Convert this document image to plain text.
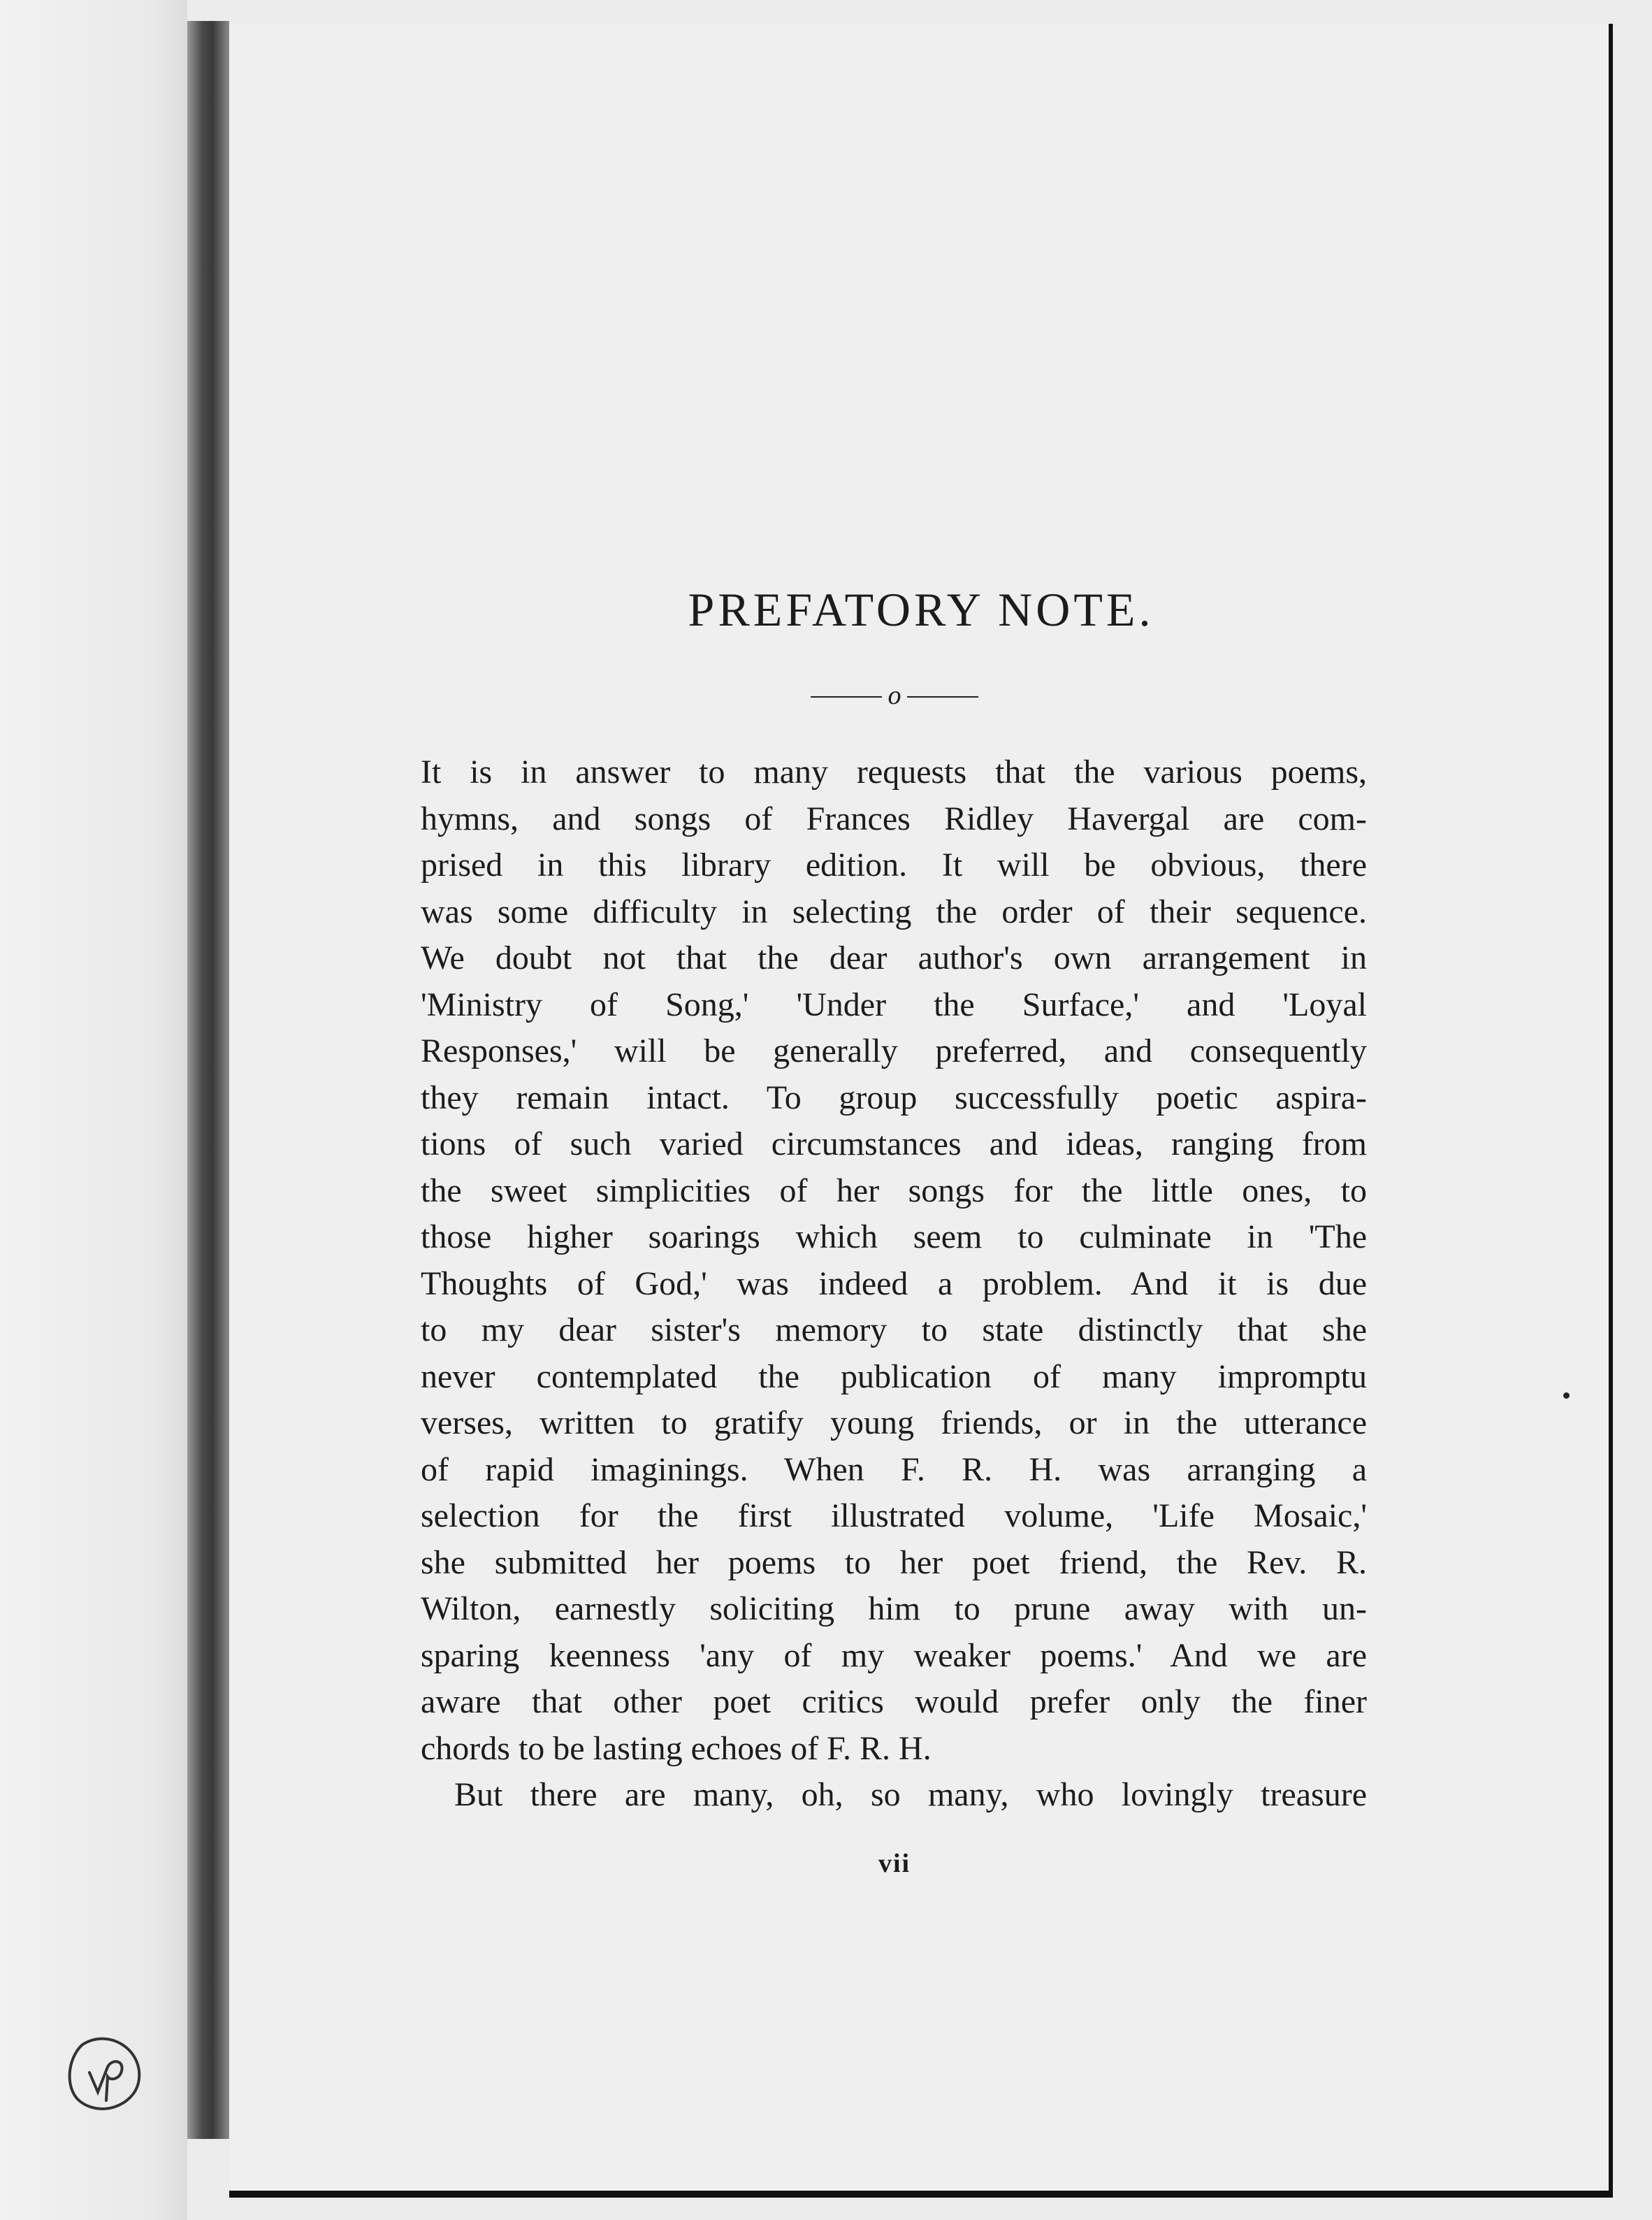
PREFATORY NOTE.
o
It is in answer to many requests that the various poems,
hymns, and songs of Frances Ridley Havergal are com-
prised in this library edition. It will be obvious, there
was some difficulty in selecting the order of their sequence.
We doubt not that the dear author's own arrangement in
'Ministry of Song,' 'Under the Surface,' and 'Loyal
Responses,' will be generally preferred, and consequently
they remain intact. To group successfully poetic aspira-
tions of such varied circumstances and ideas, ranging from
the sweet simplicities of her songs for the little ones, to
those higher soarings which seem to culminate in 'The
Thoughts of God,' was indeed a problem. And it is due
to my dear sister's memory to state distinctly that she
never contemplated the publication of many impromptu
verses, written to gratify young friends, or in the utterance
of rapid imaginings. When F. R. H. was arranging a
selection for the first illustrated volume, 'Life Mosaic,'
she submitted her poems to her poet friend, the Rev. R.
Wilton, earnestly soliciting him to prune away with un-
sparing keenness 'any of my weaker poems.' And we are
aware that other poet critics would prefer only the finer
chords to be lasting echoes of F. R. H.
But there are many, oh, so many, who lovingly treasure
vii
